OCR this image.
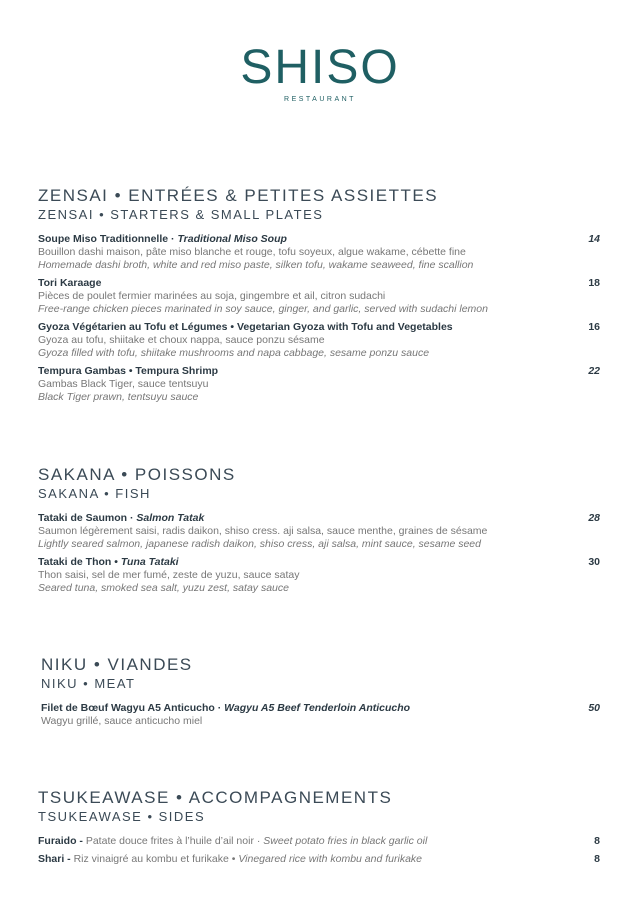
SHISO
RESTAURANT
ZENSAI • ENTRÉES & PETITES ASSIETTES
ZENSAI • STARTERS & SMALL PLATES
Soupe Miso Traditionnelle · Traditional Miso Soup
Bouillon dashi maison, pâte miso blanche et rouge, tofu soyeux, algue wakame, cébette fine
Homemade dashi broth, white and red miso paste, silken tofu, wakame seaweed, fine scallion
14
Tori Karaage
Pièces de poulet fermier marinées au soja, gingembre et ail, citron sudachi
Free-range chicken pieces marinated in soy sauce, ginger, and garlic, served with sudachi lemon
18
Gyoza Végétarien au Tofu et Légumes • Vegetarian Gyoza with Tofu and Vegetables
Gyoza au tofu, shiitake et choux nappa, sauce ponzu sésame
Gyoza filled with tofu, shiitake mushrooms and napa cabbage, sesame ponzu sauce
16
Tempura Gambas • Tempura Shrimp
Gambas Black Tiger, sauce tentsuyu
Black Tiger prawn, tentsuyu sauce
22
SAKANA • POISSONS
SAKANA • FISH
Tataki de Saumon · Salmon Tatak
Saumon légèrement saisi, radis daikon, shiso cress. aji salsa, sauce menthe, graines de sésame
Lightly seared salmon, japanese radish daikon, shiso cress, aji salsa, mint sauce, sesame seed
28
Tataki de Thon • Tuna Tataki
Thon saisi, sel de mer fumé, zeste de yuzu, sauce satay
Seared tuna, smoked sea salt, yuzu zest, satay sauce
30
NIKU • VIANDES
NIKU • MEAT
Filet de Bœuf Wagyu A5 Anticucho · Wagyu A5 Beef Tenderloin Anticucho
Wagyu grillé, sauce anticucho miel
50
TSUKEAWASE • ACCOMPAGNEMENTS
TSUKEAWASE • SIDES
Furaido - Patate douce frites à l’huile d’ail noir · Sweet potato fries in black garlic oil	8
Shari - Riz vinaigré au kombu et furikake • Vinegared rice with kombu and furikake	8
